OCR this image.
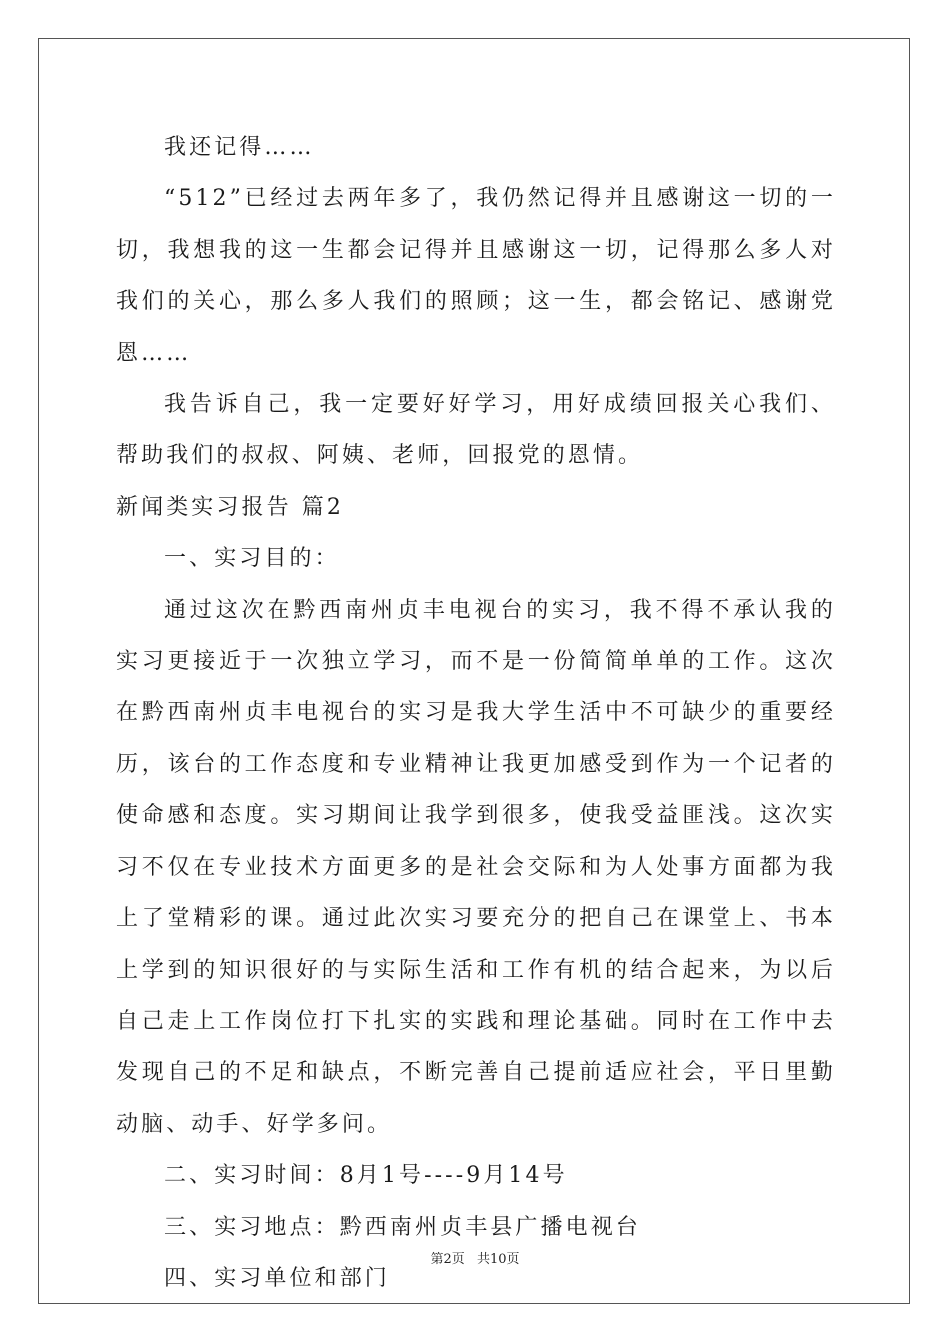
我还记得……

“512”已经过去两年多了，我仍然记得并且感谢这一切的一切，我想我的这一生都会记得并且感谢这一切，记得那么多人对我们的关心，那么多人我们的照顾；这一生，都会铭记、感谢党恩……

我告诉自己，我一定要好好学习，用好成绩回报关心我们、帮助我们的叔叔、阿姨、老师，回报党的恩情。

新闻类实习报告 篇2

一、实习目的：

通过这次在黔西南州贞丰电视台的实习，我不得不承认我的实习更接近于一次独立学习，而不是一份简简单单的工作。这次在黔西南州贞丰电视台的实习是我大学生活中不可缺少的重要经历，该台的工作态度和专业精神让我更加感受到作为一个记者的使命感和态度。实习期间让我学到很多，使我受益匪浅。这次实习不仅在专业技术方面更多的是社会交际和为人处事方面都为我上了堂精彩的课。通过此次实习要充分的把自己在课堂上、书本上学到的知识很好的与实际生活和工作有机的结合起来，为以后自己走上工作岗位打下扎实的实践和理论基础。同时在工作中去发现自己的不足和缺点，不断完善自己提前适应社会，平日里勤动脑、动手、好学多问。

二、实习时间：8月1号----9月14号

三、实习地点：黔西南州贞丰县广播电视台

四、实习单位和部门

第2页 共10页
